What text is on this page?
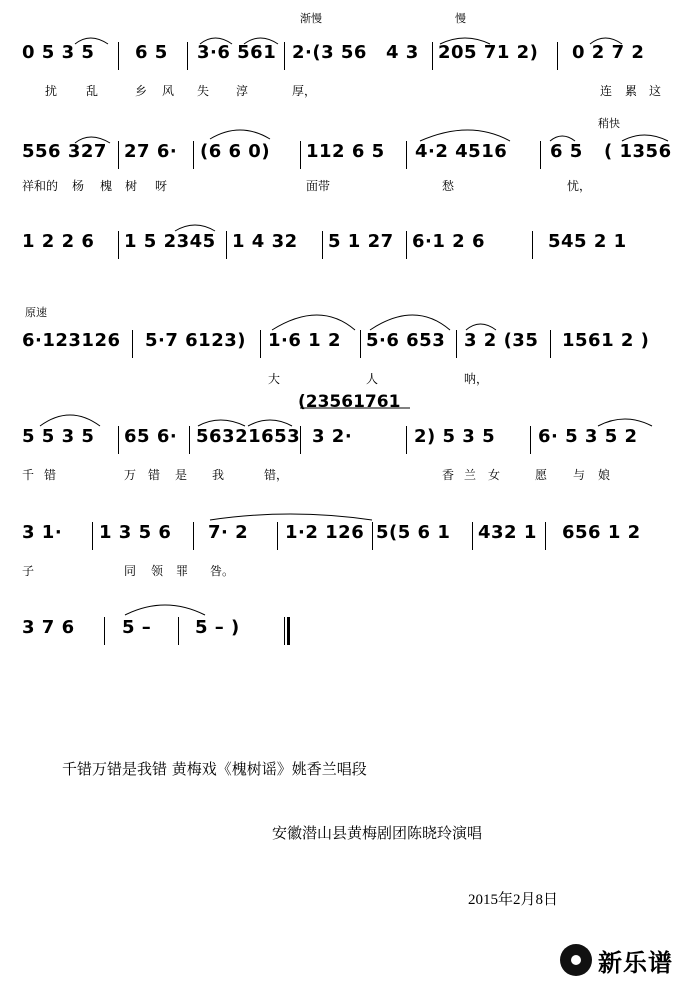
渐慢	慢
0 5 3 5 6 5 3·6 561 2·(3 56 4 3 205 71 2) 0 2 7 2
扰 乱	乡 风 失 淳	厚，	连 累 这
稍快
556 327 27 6· (6 6 0) 112 6 5 4·2 4516 6 5 ( 1356
祥和的 杨 槐 树 呀	面带	愁	忧，
1 2 2 6 1 5 2345 1 4 32 5 1 27 6·1 2 6	545 2 1
原速
6·123126 5·7 6123) 1·6 1 2 5·6 653 3 2 (35 1561 2 )
大	人	呐，
(23561761
5 5 3 5 65 6· 56321653 3 2·	2) 5 3 5 6· 5 3 5 2
千 错	万 错 是 我	错，	香 兰 女	愿 与 娘
3 1· 1 3 5 6 7· 2 1·2 126 5(5 6 1 432 1 656 1 2
子	同 领 罪 咎。
3 7 6	5 – 5 – )
千错万错是我错 黄梅戏《槐树谣》姚香兰唱段
安徽潜山县黄梅剧团陈晓玲演唱
2015年2月8日
新乐谱
